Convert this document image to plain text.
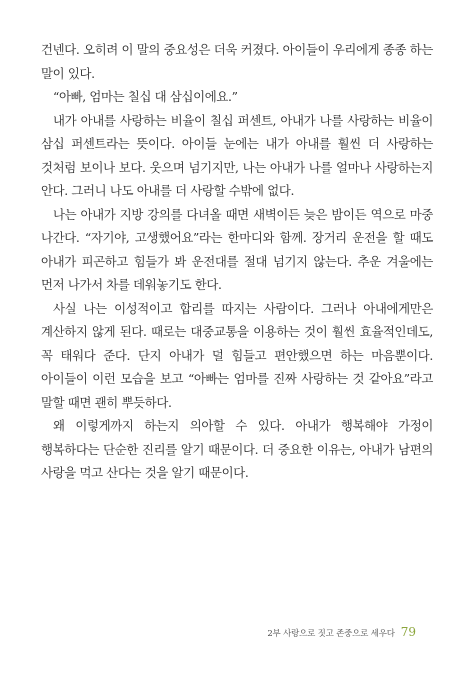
건넨다. 오히려 이 말의 중요성은 더욱 커졌다. 아이들이 우리에게 종종 하는 말이 있다.

“아빠, 엄마는 칠십 대 삼십이에요.”

내가 아내를 사랑하는 비율이 칠십 퍼센트, 아내가 나를 사랑하는 비율이 삼십 퍼센트라는 뜻이다. 아이들 눈에는 내가 아내를 훨씬 더 사랑하는 것처럼 보이나 보다. 웃으며 넘기지만, 나는 아내가 나를 얼마나 사랑하는지 안다. 그러니 나도 아내를 더 사랑할 수밖에 없다.

나는 아내가 지방 강의를 다녀올 때면 새벽이든 늦은 밤이든 역으로 마중 나간다. “자기야, 고생했어요”라는 한마디와 함께. 장거리 운전을 할 때도 아내가 피곤하고 힘들가 봐 운전대를 절대 넘기지 않는다. 추운 겨울에는 먼저 나가서 차를 데워놓기도 한다.

사실 나는 이성적이고 합리를 따지는 사람이다. 그러나 아내에게만은 계산하지 않게 된다. 때로는 대중교통을 이용하는 것이 훨씬 효율적인데도, 꼭 태워다 준다. 단지 아내가 덜 힘들고 편안했으면 하는 마음뿐이다. 아이들이 이런 모습을 보고 “아빠는 엄마를 진짜 사랑하는 것 같아요”라고 말할 때면 괜히 뿌듯하다.

왜 이렇게까지 하는지 의아할 수 있다. 아내가 행복해야 가정이 행복하다는 단순한 진리를 알기 때문이다. 더 중요한 이유는, 아내가 남편의 사랑을 먹고 산다는 것을 알기 때문이다.

2부 사랑으로 짓고 존중으로 세우다 79
